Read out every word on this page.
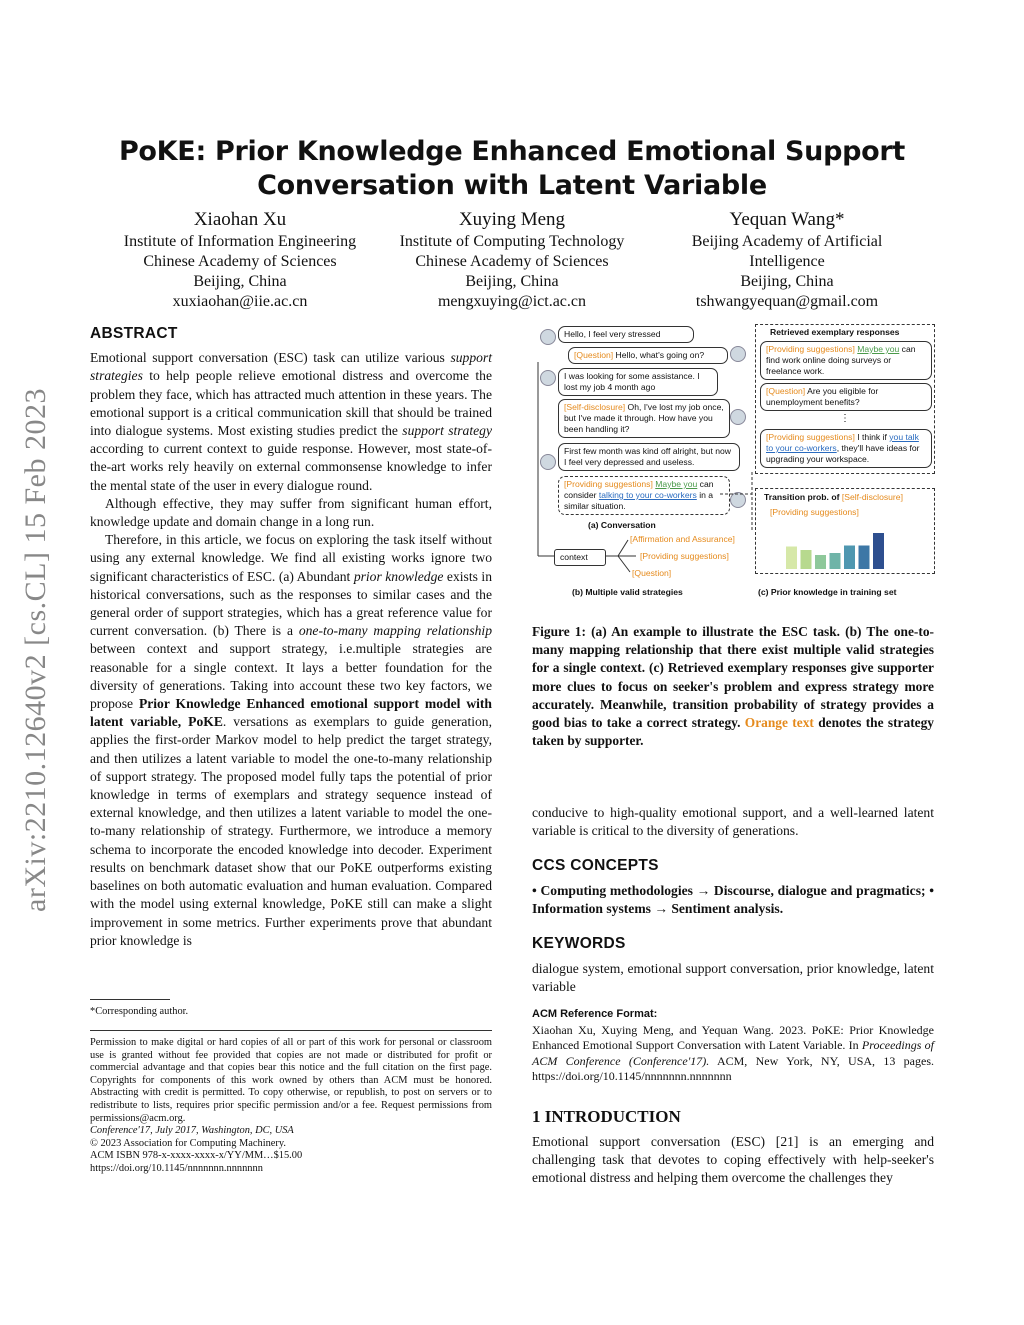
arXiv:2210.12640v2 [cs.CL] 15 Feb 2023
PoKE: Prior Knowledge Enhanced Emotional Support Conversation with Latent Variable
Xiaohan Xu
Institute of Information Engineering
Chinese Academy of Sciences
Beijing, China
xuxiaohan@iie.ac.cn
Xuying Meng
Institute of Computing Technology
Chinese Academy of Sciences
Beijing, China
mengxuying@ict.ac.cn
Yequan Wang*
Beijing Academy of Artificial
Intelligence
Beijing, China
tshwangyequan@gmail.com
ABSTRACT

Emotional support conversation (ESC) task can utilize various support strategies to help people relieve emotional distress and overcome the problem they face, which has attracted much attention in these years. The emotional support is a critical communication skill that should be trained into dialogue systems. Most existing studies predict the support strategy according to current context to guide response. However, most state-of-the-art works rely heavily on external commonsense knowledge to infer the mental state of the user in every dialogue round.

Although effective, they may suffer from significant human effort, knowledge update and domain change in a long run.

Therefore, in this article, we focus on exploring the task itself without using any external knowledge. We find all existing works ignore two significant characteristics of ESC. (a) Abundant prior knowledge exists in historical conversations, such as the responses to similar cases and the general order of support strategies, which has a great reference value for current conversation. (b) There is a one-to-many mapping relationship between context and support strategy, i.e.multiple strategies are reasonable for a single context. It lays a better foundation for the diversity of generations. Taking into account these two key factors, we propose Prior Knowledge Enhanced emotional support model with latent variable, PoKE. versations as exemplars to guide generation, applies the first-order Markov model to help predict the target strategy, and then utilizes a latent variable to model the one-to-many relationship of support strategy. The proposed model fully taps the potential of prior knowledge in terms of exemplars and strategy sequence instead of external knowledge, and then utilizes a latent variable to model the one-to-many relationship of strategy. Furthermore, we introduce a memory schema to incorporate the encoded knowledge into decoder. Experiment results on benchmark dataset show that our PoKE outperforms existing baselines on both automatic evaluation and human evaluation. Compared with the model using external knowledge, PoKE still can make a slight improvement in some metrics. Further experiments prove that abundant prior knowledge is

*Corresponding author.

Permission to make digital or hard copies of all or part of this work for personal or classroom use is granted without fee provided that copies are not made or distributed for profit or commercial advantage and that copies bear this notice and the full citation on the first page. Copyrights for components of this work owned by others than ACM must be honored. Abstracting with credit is permitted. To copy otherwise, or republish, to post on servers or to redistribute to lists, requires prior specific permission and/or a fee. Request permissions from permissions@acm.org.

Conference'17, July 2017, Washington, DC, USA

© 2023 Association for Computing Machinery.

ACM ISBN 978-x-xxxx-xxxx-x/YY/MM…$15.00

https://doi.org/10.1145/nnnnnnn.nnnnnnn

Hello, I feel very stressed
[Question] Hello, what's going on?
I was looking for some assistance. I lost my job 4 month ago
[Self-disclosure] Oh, I've lost my job once, but I've made it through. How have you been handling it?
First few month was kind off alright, but now I feel very depressed and useless.
[Providing suggestions] Maybe you can consider talking to your co-workers in a similar situation.
(a) Conversation
context
[Affirmation and Assurance]
[Providing suggestions]
[Question]
(b) Multiple valid strategies
Retrieved exemplary responses
[Providing suggestions] Maybe you can find work online doing surveys or freelance work.
[Question] Are you eligible for unemployment benefits?
⋮
[Providing suggestions] I think if you talk to your co-workers, they'll have ideas for upgrading your workspace.
Transition prob. of [Self-disclosure]
[Providing suggestions]
(c) Prior knowledge in training set
Figure 1: (a) An example to illustrate the ESC task. (b) The one-to-many mapping relationship that there exist multiple valid strategies for a single context. (c) Retrieved exemplary responses give supporter more clues to focus on seeker's problem and express strategy more accurately. Meanwhile, transition probability of strategy provides a good bias to take a correct strategy. Orange text denotes the strategy taken by supporter.

conducive to high-quality emotional support, and a well-learned latent variable is critical to the diversity of generations.

CCS CONCEPTS
• Computing methodologies → Discourse, dialogue and pragmatics; • Information systems → Sentiment analysis.
KEYWORDS
dialogue system, emotional support conversation, prior knowledge, latent variable

ACM Reference Format:

Xiaohan Xu, Xuying Meng, and Yequan Wang. 2023. PoKE: Prior Knowledge Enhanced Emotional Support Conversation with Latent Variable. In Proceedings of ACM Conference (Conference'17). ACM, New York, NY, USA, 13 pages. https://doi.org/10.1145/nnnnnnn.nnnnnnn

1 INTRODUCTION
Emotional support conversation (ESC) [21] is an emerging and challenging task that devotes to coping effectively with help-seeker's emotional distress and helping them overcome the challenges they
